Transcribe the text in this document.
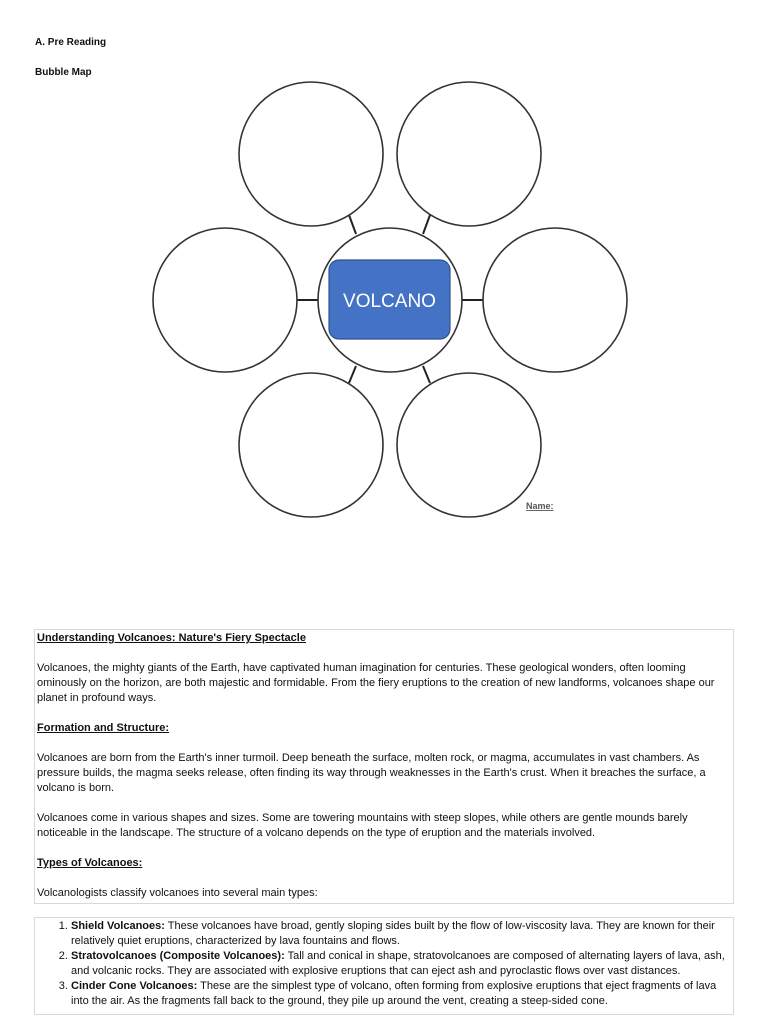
A. Pre Reading

Bubble Map

VOLCANO
Name:

Understanding Volcanoes: Nature's Fiery Spectacle

Volcanoes, the mighty giants of the Earth, have captivated human imagination for centuries. These geological wonders, often looming ominously on the horizon, are both majestic and formidable. From the fiery eruptions to the creation of new landforms, volcanoes shape our planet in profound ways.

Formation and Structure:

Volcanoes are born from the Earth's inner turmoil. Deep beneath the surface, molten rock, or magma, accumulates in vast chambers. As pressure builds, the magma seeks release, often finding its way through weaknesses in the Earth's crust. When it breaches the surface, a volcano is born.

Volcanoes come in various shapes and sizes. Some are towering mountains with steep slopes, while others are gentle mounds barely noticeable in the landscape. The structure of a volcano depends on the type of eruption and the materials involved.

Types of Volcanoes:

Volcanologists classify volcanoes into several main types:

1. Shield Volcanoes: These volcanoes have broad, gently sloping sides built by the flow of low-viscosity lava. They are known for their relatively quiet eruptions, characterized by lava fountains and flows.
2. Stratovolcanoes (Composite Volcanoes): Tall and conical in shape, stratovolcanoes are composed of alternating layers of lava, ash, and volcanic rocks. They are associated with explosive eruptions that can eject ash and pyroclastic flows over vast distances.
3. Cinder Cone Volcanoes: These are the simplest type of volcano, often forming from explosive eruptions that eject fragments of lava into the air. As the fragments fall back to the ground, they pile up around the vent, creating a steep-sided cone.
